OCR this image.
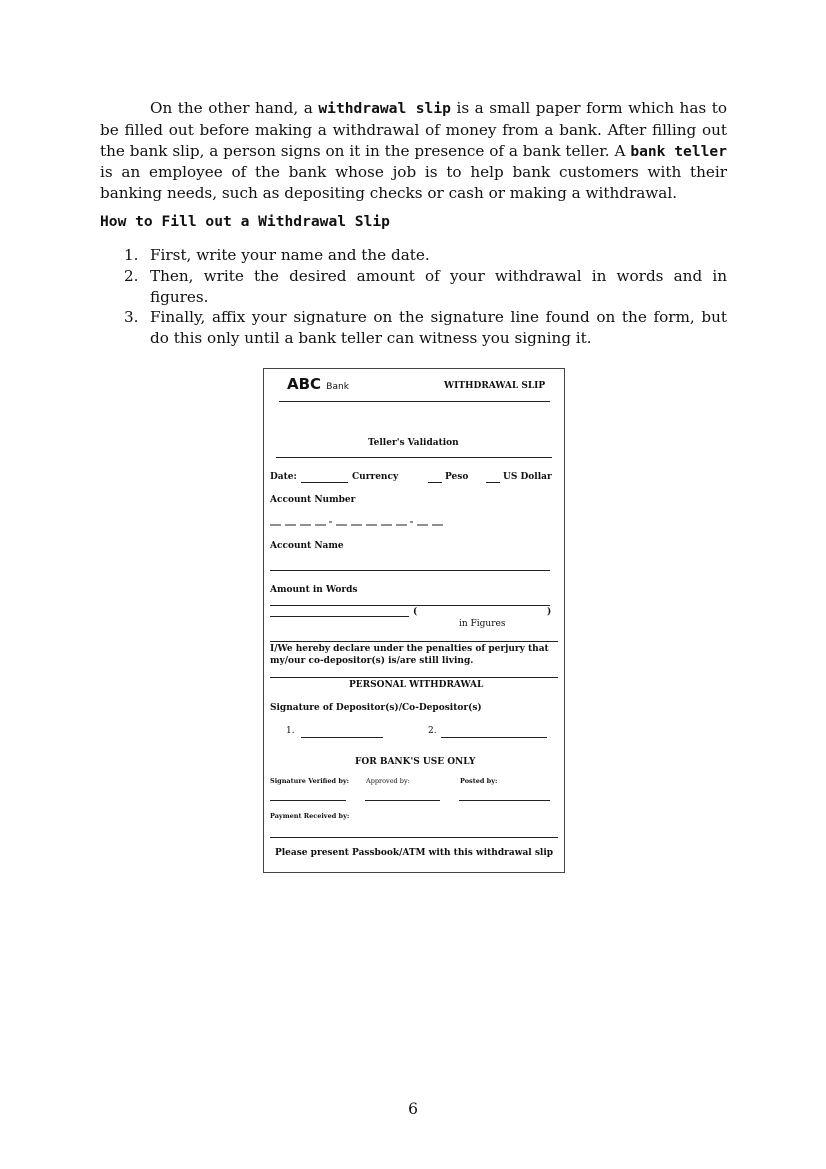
On the other hand, a withdrawal slip is a small paper form which has to be filled out before making a withdrawal of money from a bank. After filling out the bank slip, a person signs on it in the presence of a bank teller. A bank teller is an employee of the bank whose job is to help bank customers with their banking needs, such as depositing checks or cash or making a withdrawal.

How to Fill out a Withdrawal Slip
1. First, write your name and the date.
2. Then, write the desired amount of your withdrawal in words and in figures.
3. Finally, affix your signature on the signature line found on the form, but do this only until a bank teller can witness you signing it.
ABC Bank	WITHDRAWAL SLIP
Teller's Validation
Date:	Currency	Peso	US Dollar
Account Number
Account Name
Amount in Words
(	)
in Figures
I/We hereby declare under the penalties of perjury that
my/our co-depositor(s) is/are still living.
PERSONAL WITHDRAWAL
Signature of Depositor(s)/Co-Depositor(s)
1.	2.
FOR BANK'S USE ONLY
Signature Verified by:	Approved by:	Posted by:
Payment Received by:
Please present Passbook/ATM with this withdrawal slip
6
